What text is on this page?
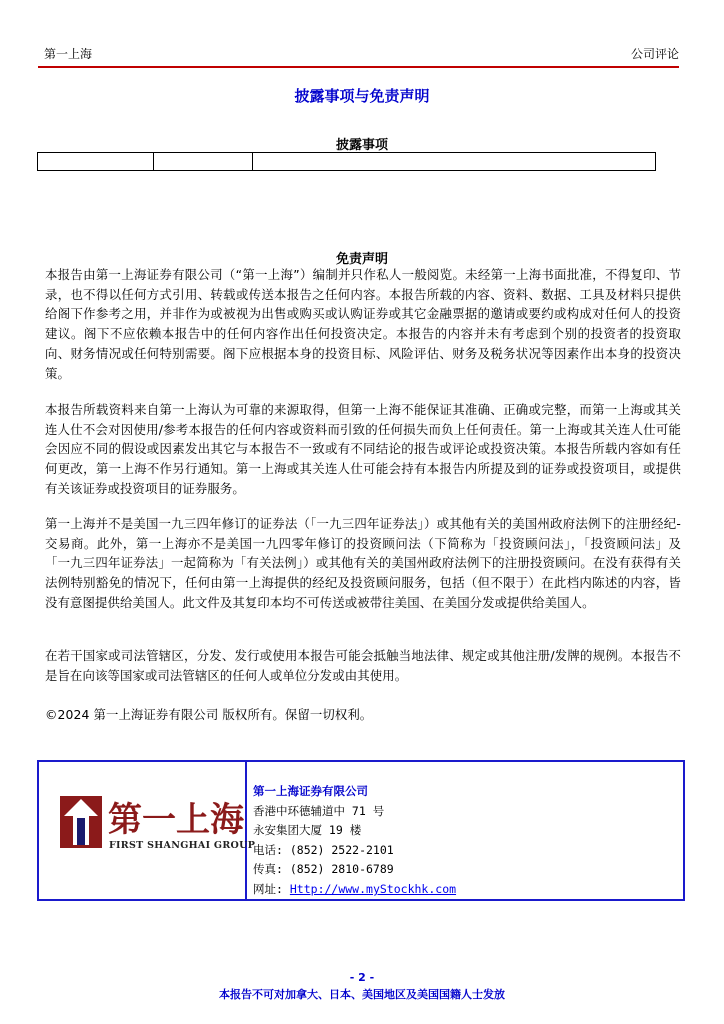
第一上海	公司评论
披露事项与免责声明
披露事项
免责声明
本报告由第一上海证券有限公司（“第一上海”）编制并只作私人一般阅览。未经第一上海书面批准，不得复印、节录，也不得以任何方式引用、转载或传送本报告之任何内容。本报告所载的内容、资料、数据、工具及材料只提供给阁下作参考之用，并非作为或被视为出售或购买或认购证券或其它金融票据的邀请或要约或构成对任何人的投资建议。阁下不应依赖本报告中的任何内容作出任何投资决定。本报告的内容并未有考虑到个别的投资者的投资取向、财务情况或任何特别需要。阁下应根据本身的投资目标、风险评估、财务及税务状况等因素作出本身的投资决策。
本报告所载资料来自第一上海认为可靠的来源取得，但第一上海不能保证其准确、正确或完整，而第一上海或其关连人仕不会对因使用/参考本报告的任何内容或资料而引致的任何损失而负上任何责任。第一上海或其关连人仕可能会因应不同的假设或因素发出其它与本报告不一致或有不同结论的报告或评论或投资决策。本报告所载内容如有任何更改，第一上海不作另行通知。第一上海或其关连人仕可能会持有本报告内所提及到的证券或投资项目，或提供有关该证券或投资项目的证券服务。
第一上海并不是美国一九三四年修订的证券法（「一九三四年证券法」）或其他有关的美国州政府法例下的注册经纪-交易商。此外，第一上海亦不是美国一九四零年修订的投资顾问法（下简称为「投资顾问法」，「投资顾问法」及「一九三四年证券法」一起简称为「有关法例」）或其他有关的美国州政府法例下的注册投资顾问。在没有获得有关法例特别豁免的情况下，任何由第一上海提供的经纪及投资顾问服务，包括（但不限于）在此档内陈述的内容，皆没有意图提供给美国人。此文件及其复印本均不可传送或被带往美国、在美国分发或提供给美国人。
在若干国家或司法管辖区，分发、发行或使用本报告可能会抵触当地法律、规定或其他注册/发牌的规例。本报告不是旨在向该等国家或司法管辖区的任何人或单位分发或由其使用。
©2024 第一上海证券有限公司 版权所有。保留一切权利。
第一上海
FIRST SHANGHAI GROUP
第一上海证券有限公司
香港中环德辅道中 71 号
永安集团大厦 19 楼
电话: (852) 2522-2101
传真: (852) 2810-6789
网址: Http://www.myStockhk.com
- 2 -
本报告不可对加拿大、日本、美国地区及美国国籍人士发放
